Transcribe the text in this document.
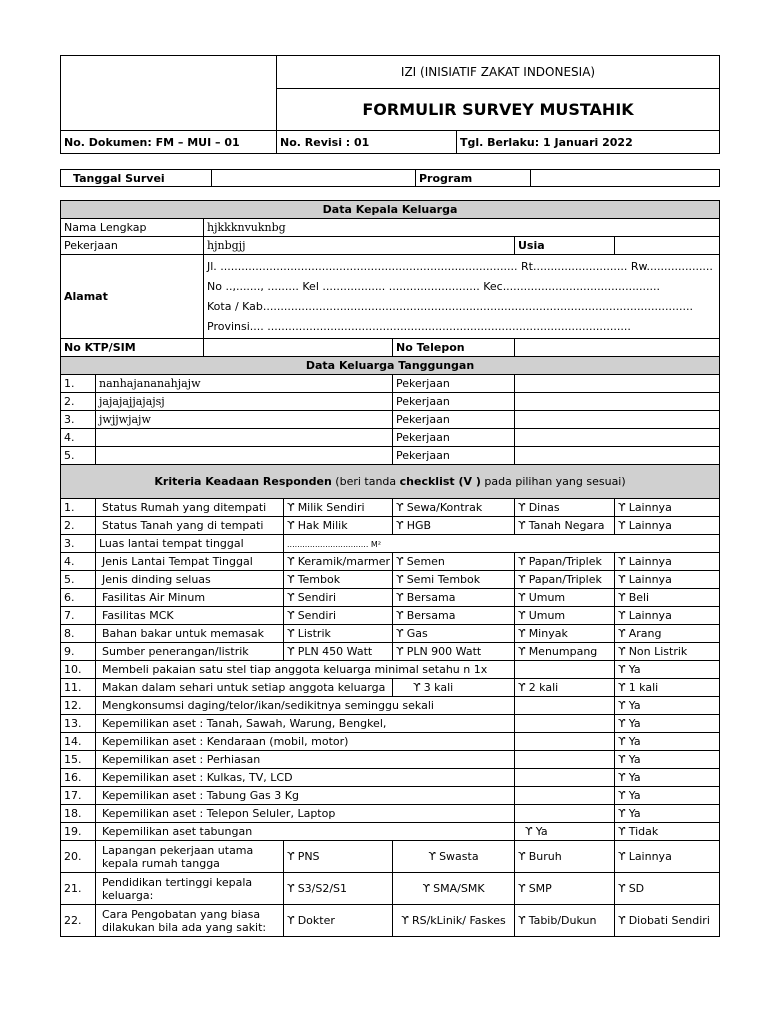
	IZI (INISIATIF ZAKAT INDONESIA)	
	FORMULIR SURVEY MUSTAHIK	
No. Dokumen: FM – MUI – 01	No. Revisi : 01	Tgl. Berlaku: 1 Januari 2022
Tanggal Survei		Program	
Data Kepala Keluarga							
Nama Lengkap		hjkkknvuknbg					
Pekerjaan		hjnbgjj			Usia		
Alamat		Jl. ..................................................................................... Rt........................... Rw...................
No ..,......., ......... Kel .................. .......................... Kec.............................................
Kota / Kab...........................................................................................................................
Provinsi.... ........................................................................................................					

No KTP/SIM				No Telepon			
Data Keluarga Tanggungan							
1.	nanhajananahjajw			Pekerjaan			
2.	jajajajjajajsj			Pekerjaan			
3.	jwjjwjajw			Pekerjaan			
4.				Pekerjaan			
5.				Pekerjaan			
Kriteria Keadaan Responden (beri tanda checklist (V ) pada pilihan yang sesuai)							
1.	Status Rumah yang ditempati		ϒ Milik Sendiri	ϒ Sewa/Kontrak	ϒ Dinas	ϒ Lainnya	
2.	Status Tanah yang di tempati		ϒ Hak Milik	ϒ HGB	ϒ Tanah Negara	ϒ Lainnya	
3.	Luas lantai tempat tinggal		................................ M²				
4.	Jenis Lantai Tempat Tinggal		ϒ Keramik/marmer	ϒ Semen	ϒ Papan/Triplek	ϒ Lainnya	
5.	Jenis dinding seluas		ϒ Tembok	ϒ Semi Tembok	ϒ Papan/Triplek	ϒ Lainnya	
6.	Fasilitas Air Minum		ϒ Sendiri	ϒ Bersama	ϒ Umum	ϒ Beli	
7.	Fasilitas MCK		ϒ Sendiri	ϒ Bersama	ϒ Umum	ϒ Lainnya	
8.	Bahan bakar untuk memasak		ϒ Listrik	ϒ Gas	ϒ Minyak	ϒ Arang	
9.	Sumber penerangan/listrik		ϒ PLN 450 Watt	ϒ PLN 900 Watt	ϒ Menumpang	ϒ Non Listrik	
10.	Membeli pakaian satu stel tiap anggota keluarga minimal setahu n 1x					ϒ Ya	
11.	Makan dalam sehari untuk setiap anggota keluarga			ϒ 3 kali	ϒ 2 kali	ϒ 1 kali	
12.	Mengkonsumsi daging/telor/ikan/sedikitnya seminggu sekali					ϒ Ya	
13.	Kepemilikan aset : Tanah, Sawah, Warung, Bengkel,					ϒ Ya	
14.	Kepemilikan aset : Kendaraan (mobil, motor)					ϒ Ya	
15.	Kepemilikan aset : Perhiasan					ϒ Ya	
16.	Kepemilikan aset : Kulkas, TV, LCD					ϒ Ya	
17.	Kepemilikan aset : Tabung Gas 3 Kg					ϒ Ya	
18.	Kepemilikan aset : Telepon Seluler, Laptop					ϒ Ya	
19.	Kepemilikan aset tabungan				ϒ Ya	ϒ Tidak	
20.	Lapangan pekerjaan utama kepala rumah tangga		ϒ PNS	ϒ Swasta	ϒ Buruh	ϒ Lainnya	
21.	Pendidikan tertinggi kepala keluarga:		ϒ S3/S2/S1	ϒ SMA/SMK	ϒ SMP	ϒ SD	
22.	Cara Pengobatan yang biasa dilakukan bila ada yang sakit:		ϒ Dokter	ϒ RS/kLinik/ Faskes	ϒ Tabib/Dukun	ϒ Diobati Sendiri	
